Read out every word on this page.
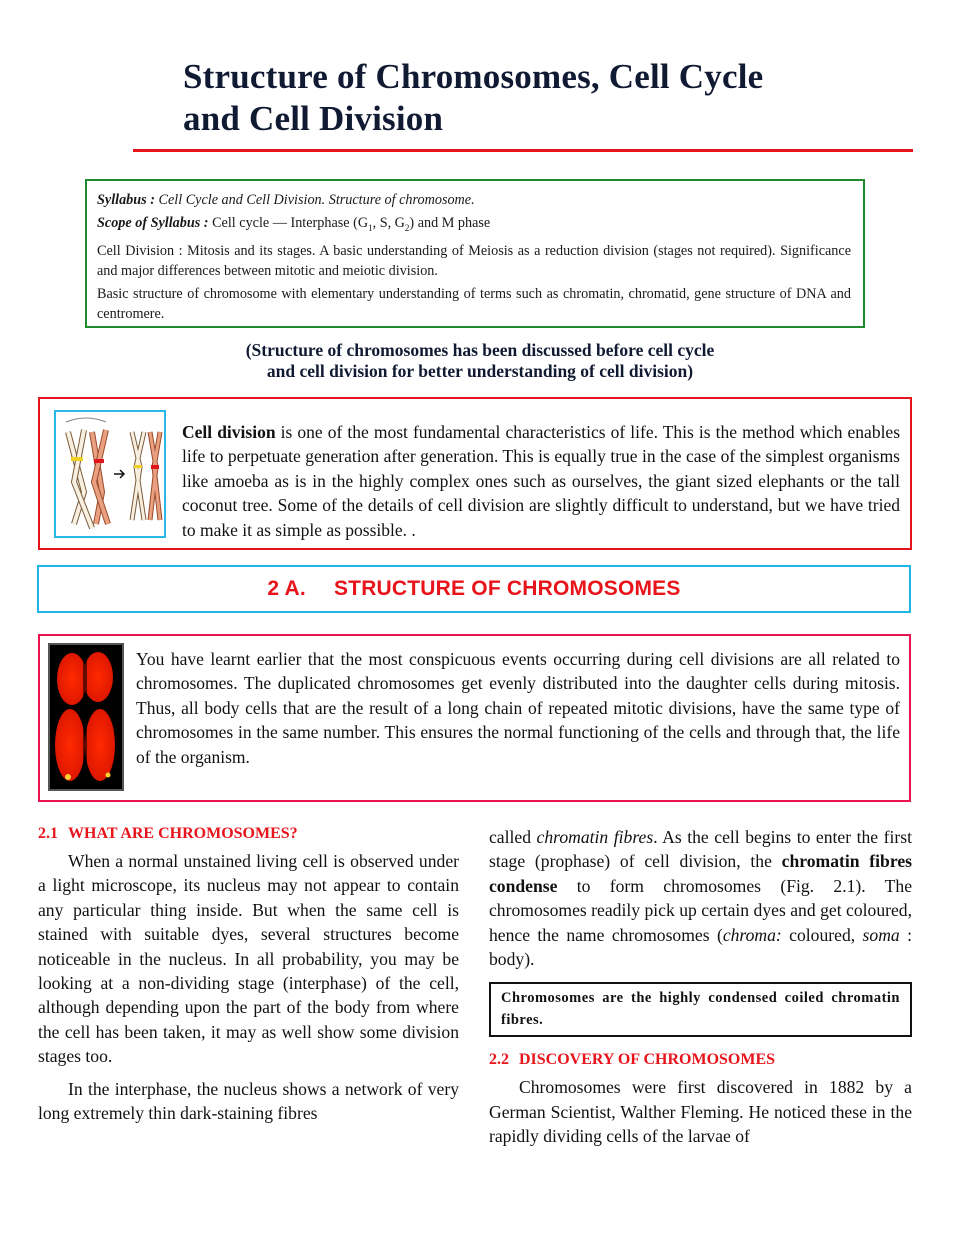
Structure of Chromosomes, Cell Cycle
and Cell Division

Syllabus : Cell Cycle and Cell Division. Structure of chromosome.

Scope of Syllabus : Cell cycle — Interphase ($G_1$, S, $G_2$) and M phase

Cell Division : Mitosis and its stages. A basic understanding of Meiosis as a reduction division (stages not required). Significance and major differences between mitotic and meiotic division.

Basic structure of chromosome with elementary understanding of terms such as chromatin, chromatid, gene structure of DNA and centromere.

(Structure of chromosomes has been discussed before cell cycle
and cell division for better understanding of cell division)
Cell division is one of the most fundamental characteristics of life. This is the method which enables life to perpetuate generation after generation. This is equally true in the case of the simplest organisms like amoeba as is in the highly complex ones such as ourselves, the giant sized elephants or the tall coconut tree. Some of the details of cell division are slightly difficult to understand, but we have tried to make it as simple as possible. .
2 A. STRUCTURE OF CHROMOSOMES
You have learnt earlier that the most conspicuous events occurring during cell divisions are all related to chromosomes. The duplicated chromosomes get evenly distributed into the daughter cells during mitosis. Thus, all body cells that are the result of a long chain of repeated mitotic divisions, have the same type of chromosomes in the same number. This ensures the normal functioning of the cells and through that, the life of the organism.
2.1 WHAT ARE CHROMOSOMES?

When a normal unstained living cell is observed under a light microscope, its nucleus may not appear to contain any particular thing inside. But when the same cell is stained with suitable dyes, several structures become noticeable in the nucleus. In all probability, you may be looking at a non-dividing stage (interphase) of the cell, although depending upon the part of the body from where the cell has been taken, it may as well show some division stages too.

In the interphase, the nucleus shows a network of very long extremely thin dark-staining fibres

called chromatin fibres. As the cell begins to enter the first stage (prophase) of cell division, the chromatin fibres condense to form chromosomes (Fig. 2.1). The chromosomes readily pick up certain dyes and get coloured, hence the name chromosomes (chroma: coloured, soma : body).

Chromosomes are the highly condensed coiled chromatin fibres.
2.2 DISCOVERY OF CHROMOSOMES

Chromosomes were first discovered in 1882 by a German Scientist, Walther Fleming. He noticed these in the rapidly dividing cells of the larvae of
